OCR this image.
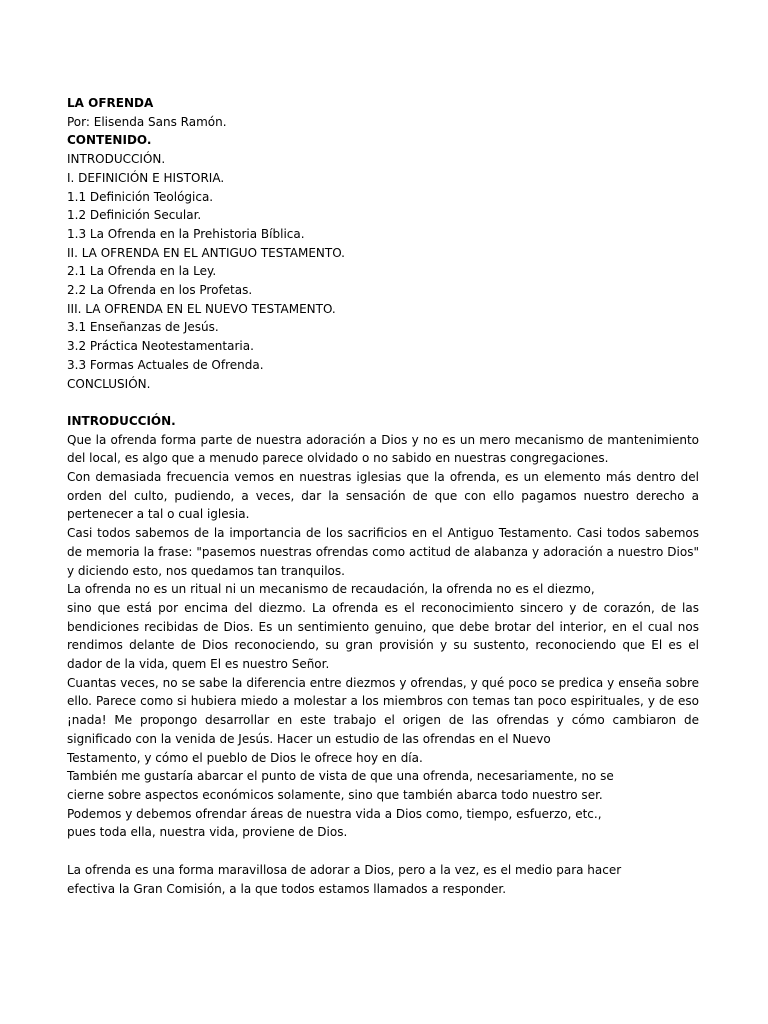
LA OFRENDA
Por: Elisenda Sans Ramón.
CONTENIDO.
INTRODUCCIÓN.
I. DEFINICIÓN E HISTORIA.
1.1 Definición Teológica.
1.2 Definición Secular.
1.3 La Ofrenda en la Prehistoria Bíblica.
II. LA OFRENDA EN EL ANTIGUO TESTAMENTO.
2.1 La Ofrenda en la Ley.
2.2 La Ofrenda en los Profetas.
III. LA OFRENDA EN EL NUEVO TESTAMENTO.
3.1 Enseñanzas de Jesús.
3.2 Práctica Neotestamentaria.
3.3 Formas Actuales de Ofrenda.
CONCLUSIÓN.
INTRODUCCIÓN.
Que la ofrenda forma parte de nuestra adoración a Dios y no es un mero mecanismo de mantenimiento del local, es algo que a menudo parece olvidado o no sabido en nuestras congregaciones.
Con demasiada frecuencia vemos en nuestras iglesias que la ofrenda, es un elemento más dentro del orden del culto, pudiendo, a veces, dar la sensación de que con ello pagamos nuestro derecho a pertenecer a tal o cual iglesia.
Casi todos sabemos de la importancia de los sacrificios en el Antiguo Testamento. Casi todos sabemos de memoria la frase: "pasemos nuestras ofrendas como actitud de alabanza y adoración a nuestro Dios" y diciendo esto, nos quedamos tan tranquilos.
La ofrenda no es un ritual ni un mecanismo de recaudación, la ofrenda no es el diezmo,
sino que está por encima del diezmo. La ofrenda es el reconocimiento sincero y de corazón, de las bendiciones recibidas de Dios. Es un sentimiento genuino, que debe brotar del interior, en el cual nos rendimos delante de Dios reconociendo, su gran provisión y su sustento, reconociendo que El es el dador de la vida, quem El es nuestro Señor.
Cuantas veces, no se sabe la diferencia entre diezmos y ofrendas, y qué poco se predica y enseña sobre ello. Parece como si hubiera miedo a molestar a los miembros con temas tan poco espirituales, y de eso ¡nada! Me propongo desarrollar en este trabajo el origen de las ofrendas y cómo cambiaron de significado con la venida de Jesús. Hacer un estudio de las ofrendas en el Nuevo
Testamento, y cómo el pueblo de Dios le ofrece hoy en día.
También me gustaría abarcar el punto de vista de que una ofrenda, necesariamente, no se
cierne sobre aspectos económicos solamente, sino que también abarca todo nuestro ser.
Podemos y debemos ofrendar áreas de nuestra vida a Dios como, tiempo, esfuerzo, etc.,
pues toda ella, nuestra vida, proviene de Dios.
La ofrenda es una forma maravillosa de adorar a Dios, pero a la vez, es el medio para hacer
efectiva la Gran Comisión, a la que todos estamos llamados a responder.
